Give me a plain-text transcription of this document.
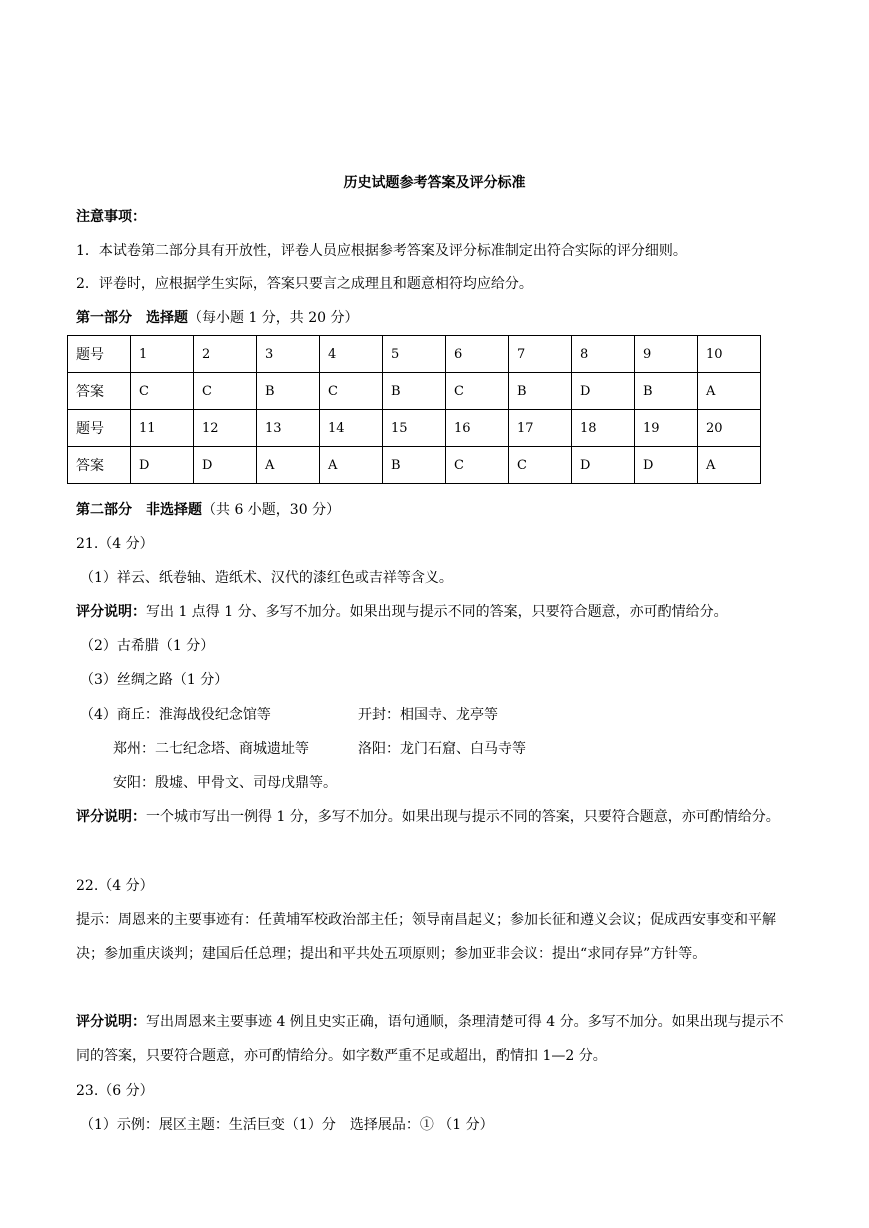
历史试题参考答案及评分标准
注意事项：
1．本试卷第二部分具有开放性，评卷人员应根据参考答案及评分标准制定出符合实际的评分细则。
2．评卷时，应根据学生实际，答案只要言之成理且和题意相符均应给分。
第一部分　选择题（每小题 1 分，共 20 分）
题号	1	2	3	4	5	6	7	8	9	10
答案	C	C	B	C	B	C	B	D	B	A
题号	11	12	13	14	15	16	17	18	19	20
答案	D	D	A	A	B	C	C	D	D	A
第二部分　非选择题（共 6 小题，30 分）
21.（4 分）
（1）祥云、纸卷轴、造纸术、汉代的漆红色或吉祥等含义。
评分说明：写出 1 点得 1 分、多写不加分。如果出现与提示不同的答案，只要符合题意，亦可酌情给分。
（2）古希腊（1 分）
（3）丝绸之路（1 分）
（4）商丘：淮海战役纪念馆等	开封：相国寺、龙亭等
郑州：二七纪念塔、商城遗址等	洛阳：龙门石窟、白马寺等
安阳：殷墟、甲骨文、司母戊鼎等。
评分说明：一个城市写出一例得 1 分，多写不加分。如果出现与提示不同的答案，只要符合题意，亦可酌情给分。
22.（4 分）
提示：周恩来的主要事迹有：任黄埔军校政治部主任；领导南昌起义；参加长征和遵义会议；促成西安事变和平解决；参加重庆谈判；建国后任总理；提出和平共处五项原则；参加亚非会议：提出“求同存异”方针等。
评分说明：写出周恩来主要事迹 4 例且史实正确，语句通顺，条理清楚可得 4 分。多写不加分。如果出现与提示不同的答案，只要符合题意，亦可酌情给分。如字数严重不足或超出，酌情扣 1—2 分。
23.（6 分）
（1）示例：展区主题：生活巨变（1）分　选择展品：① （1 分）
